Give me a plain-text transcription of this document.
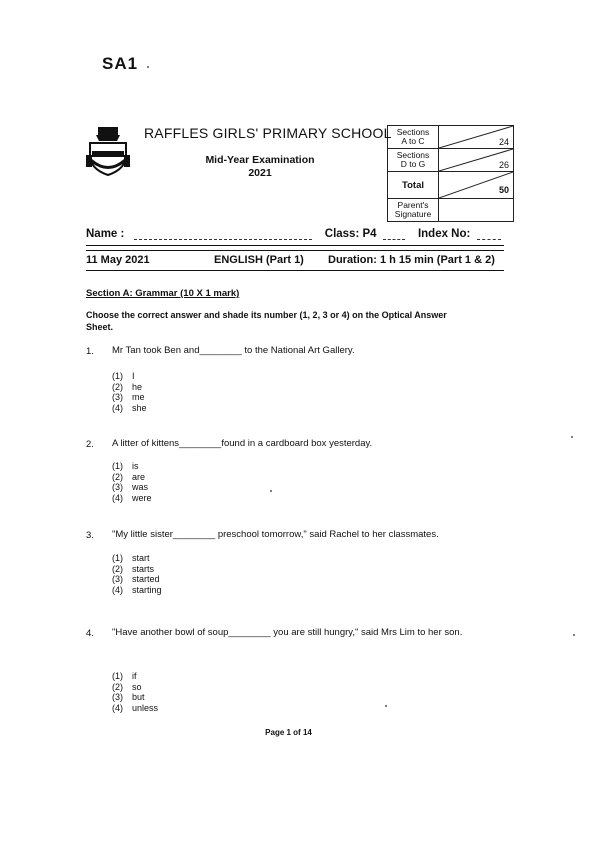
SA1
RAFFLES GIRLS' PRIMARY SCHOOL
Mid-Year Examination
2021
Sections
A to C	24

Sections
D to G	26

Total	50

Parent's
Signature	

Name :	Class: P4	Index No:
11 May 2021	ENGLISH (Part 1) Duration: 1 h 15 min (Part 1 & 2)
Section A: Grammar (10 X 1 mark)
Choose the correct answer and shade its number (1, 2, 3 or 4) on the Optical Answer Sheet.
1.	Mr Tan took Ben and________ to the National Art Gallery.
(1) I
(2) he
(3) me
(4) she
2.	A litter of kittens________found in a cardboard box yesterday.
(1) is
(2) are
(3) was
(4) were
3.	"My little sister________ preschool tomorrow," said Rachel to her classmates.
(1) start
(2) starts
(3) started
(4) starting
4.	"Have another bowl of soup________ you are still hungry," said Mrs Lim to her son.
(1) if
(2) so
(3) but
(4) unless
Page 1 of 14
